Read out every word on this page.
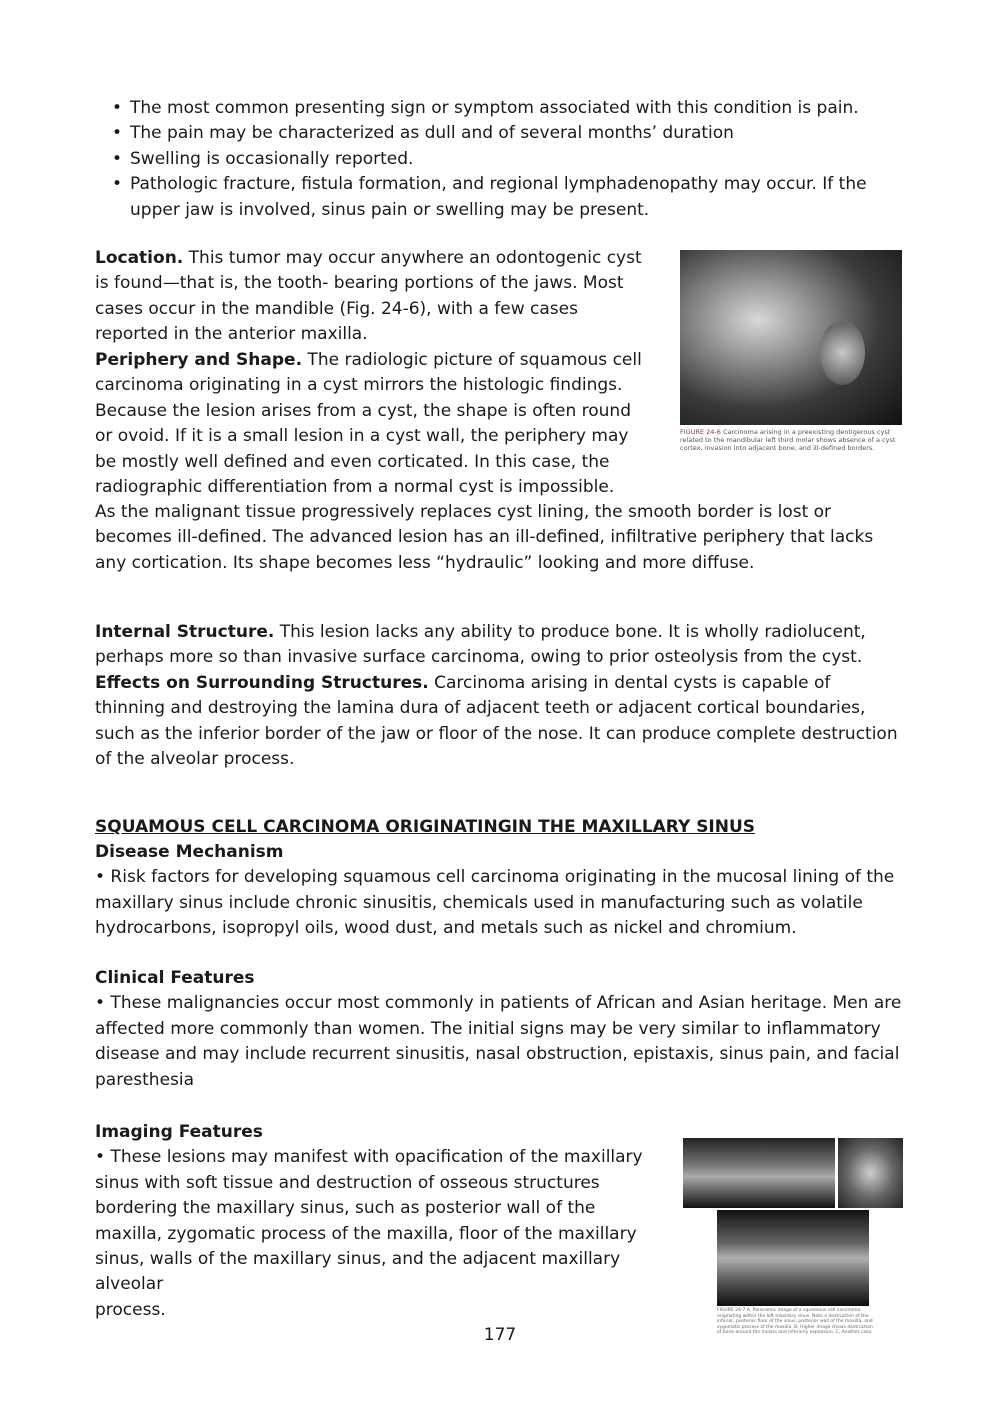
• The most common presenting sign or symptom associated with this condition is pain.
• The pain may be characterized as dull and of several months’ duration
• Swelling is occasionally reported.
• Pathologic fracture, fistula formation, and regional lymphadenopathy may occur. If the upper jaw is involved, sinus pain or swelling may be present.

Location. This tumor may occur anywhere an odontogenic cyst is found—that is, the tooth- bearing portions of the jaws. Most cases occur in the mandible (Fig. 24-6), with a few cases reported in the anterior maxilla.

Periphery and Shape. The radiologic picture of squamous cell carcinoma originating in a cyst mirrors the histologic findings. Because the lesion arises from a cyst, the shape is often round or ovoid. If it is a small lesion in a cyst wall, the periphery may be mostly well defined and even corticated. In this case, the radiographic differentiation from a normal cyst is impossible.

As the malignant tissue progressively replaces cyst lining, the smooth border is lost or becomes ill-defined. The advanced lesion has an ill-defined, infiltrative periphery that lacks any cortication. Its shape becomes less “hydraulic” looking and more diffuse.

FIGURE 24-6 Carcinoma arising in a preexisting dentigerous cyst related to the mandibular left third molar shows absence of a cyst cortex, invasion into adjacent bone, and ill-defined borders.

Internal Structure. This lesion lacks any ability to produce bone. It is wholly radiolucent, perhaps more so than invasive surface carcinoma, owing to prior osteolysis from the cyst.
Effects on Surrounding Structures. Carcinoma arising in dental cysts is capable of thinning and destroying the lamina dura of adjacent teeth or adjacent cortical boundaries, such as the inferior border of the jaw or floor of the nose. It can produce complete destruction of the alveolar process.

SQUAMOUS CELL CARCINOMA ORIGINATINGIN THE MAXILLARY SINUS

Disease Mechanism
• Risk factors for developing squamous cell carcinoma originating in the mucosal lining of the maxillary sinus include chronic sinusitis, chemicals used in manufacturing such as volatile hydrocarbons, isopropyl oils, wood dust, and metals such as nickel and chromium.

Clinical Features
• These malignancies occur most commonly in patients of African and Asian heritage. Men are affected more commonly than women. The initial signs may be very similar to inflammatory disease and may include recurrent sinusitis, nasal obstruction, epistaxis, sinus pain, and facial paresthesia

Imaging Features
• These lesions may manifest with opacification of the maxillary sinus with soft tissue and destruction of osseous structures bordering the maxillary sinus, such as posterior wall of the maxilla, zygomatic process of the maxilla, floor of the maxillary sinus, walls of the maxillary sinus, and the adjacent maxillary
alveolar
process.	FIGURE 24-7 A, Panoramic image of a squamous cell carcinoma originating within the left maxillary sinus. Note a destruction of the inferior, posterior floor of the sinus, posterior wall of the maxilla, and zygomatic process of the maxilla. B, Higher image shows destruction of bone around the molars and inferiorly expansion. C, Another case.
177
